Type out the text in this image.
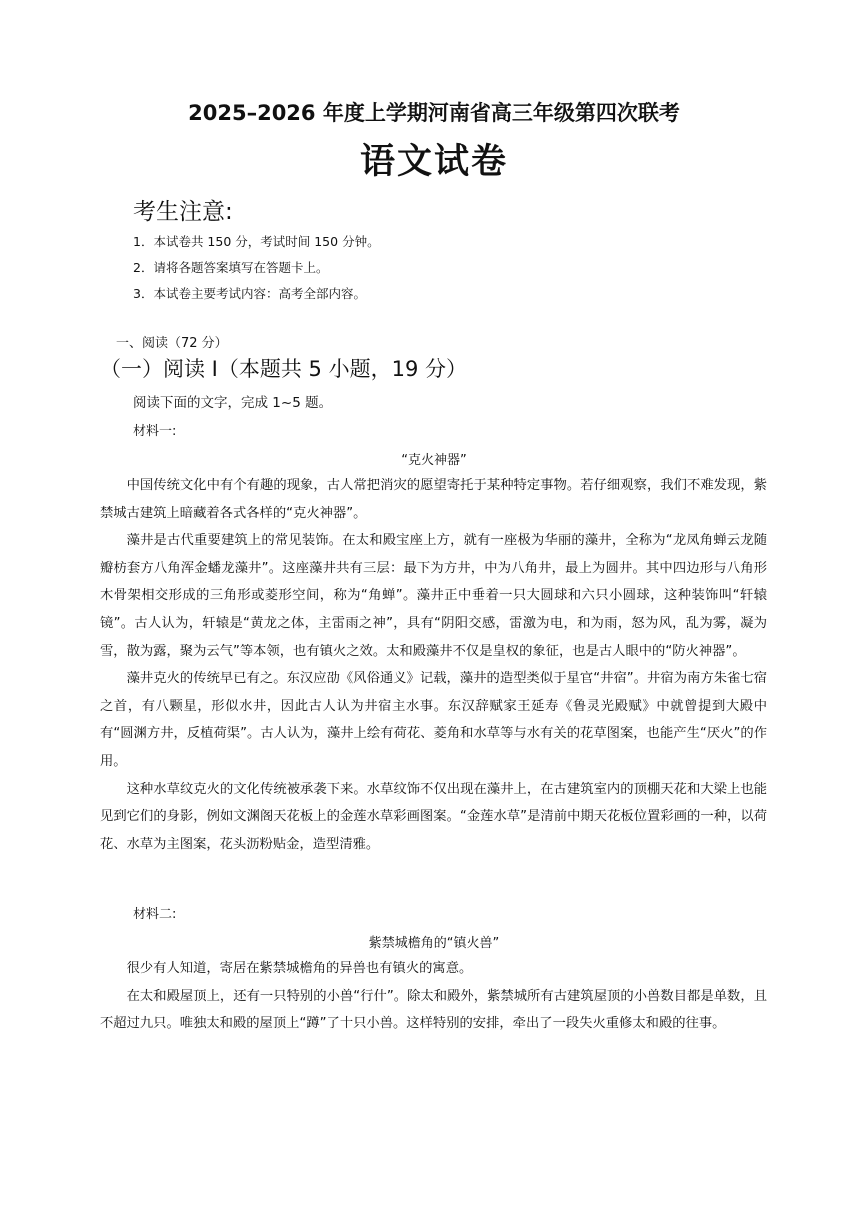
2025–2026 年度上学期河南省高三年级第四次联考
语文试卷
考生注意:
1．本试卷共 150 分，考试时间 150 分钟。
2．请将各题答案填写在答题卡上。
3．本试卷主要考试内容：高考全部内容。
一、阅读（72 分）
（一）阅读 I（本题共 5 小题，19 分）
阅读下面的文字，完成 1~5 题。
材料一:
“克火神器”

中国传统文化中有个有趣的现象，古人常把消灾的愿望寄托于某种特定事物。若仔细观察，我们不难发现，紫禁城古建筑上暗藏着各式各样的“克火神器”。

藻井是古代重要建筑上的常见装饰。在太和殿宝座上方，就有一座极为华丽的藻井，全称为“龙凤角蝉云龙随瓣枋套方八角浑金蟠龙藻井”。这座藻井共有三层：最下为方井，中为八角井，最上为圆井。其中四边形与八角形木骨架相交形成的三角形或菱形空间，称为“角蝉”。藻井正中垂着一只大圆球和六只小圆球，这种装饰叫“轩辕镜”。古人认为，轩辕是“黄龙之体，主雷雨之神”，具有“阴阳交感，雷激为电，和为雨，怒为风，乱为雾，凝为雪，散为露，聚为云气”等本领，也有镇火之效。太和殿藻井不仅是皇权的象征，也是古人眼中的“防火神器”。

藻井克火的传统早已有之。东汉应劭《风俗通义》记载，藻井的造型类似于星官“井宿”。井宿为南方朱雀七宿之首，有八颗星，形似水井，因此古人认为井宿主水事。东汉辞赋家王延寿《鲁灵光殿赋》中就曾提到大殿中有“圆渊方井，反植荷渠”。古人认为，藻井上绘有荷花、菱角和水草等与水有关的花草图案，也能产生“厌火”的作用。

这种水草纹克火的文化传统被承袭下来。水草纹饰不仅出现在藻井上，在古建筑室内的顶棚天花和大梁上也能见到它们的身影，例如文渊阁天花板上的金莲水草彩画图案。“金莲水草”是清前中期天花板位置彩画的一种，以荷花、水草为主图案，花头沥粉贴金，造型清雅。

材料二:
紫禁城檐角的“镇火兽”

很少有人知道，寄居在紫禁城檐角的异兽也有镇火的寓意。

在太和殿屋顶上，还有一只特别的小兽“行什”。除太和殿外，紫禁城所有古建筑屋顶的小兽数目都是单数，且不超过九只。唯独太和殿的屋顶上“蹲”了十只小兽。这样特别的安排，牵出了一段失火重修太和殿的往事。
